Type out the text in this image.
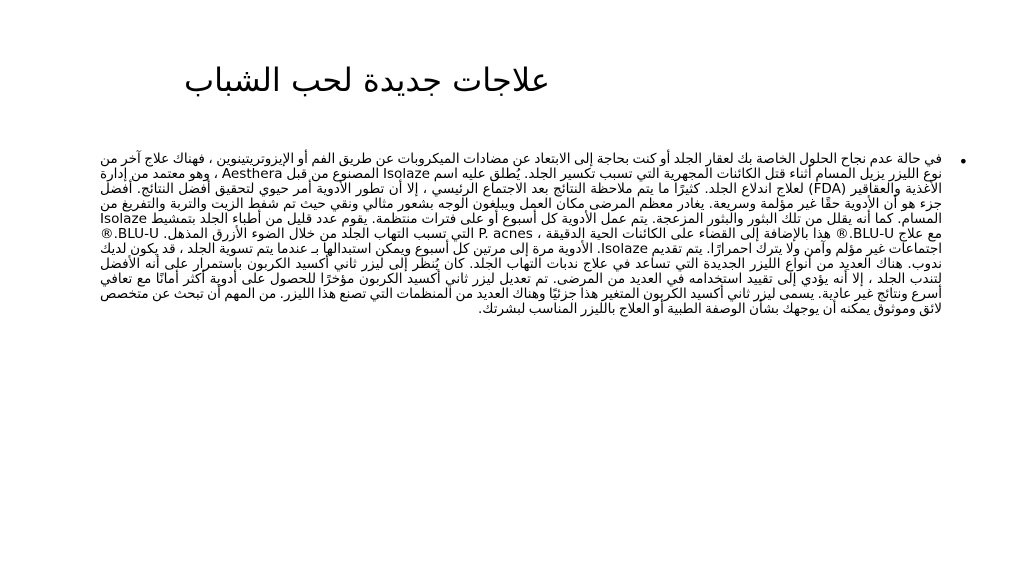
علاجات جديدة لحب الشباب
•

في حالة عدم نجاح الحلول الخاصة بك لعقار الجلد أو كنت بحاجة إلى الابتعاد عن مضادات الميكروبات عن طريق الفم أو الإيزوتريتينوين ، فهناك علاج آخر من نوع الليزر يزيل المسام أثناء قتل الكائنات المجهرية التي تسبب تكسير الجلد. يُطلق عليه اسم Isolaze المصنوع من قبل Aesthera ، وهو معتمد من إدارة الأغذية والعقاقير (FDA) لعلاج اندلاع الجلد. كثيرًا ما يتم ملاحظة النتائج بعد الاجتماع الرئيسي ، إلا أن تطور الأدوية أمر حيوي لتحقيق أفضل النتائج. أفضل جزء هو أن الأدوية حقًا غير مؤلمة وسريعة. يغادر معظم المرضى مكان العمل ويبلغون الوجه بشعور مثالي ونقي حيث تم شفط الزيت والتربة والتفريغ من المسام. كما أنه يقلل من تلك البثور والبثور المزعجة. يتم عمل الأدوية كل أسبوع أو على فترات منتظمة. يقوم عدد قليل من أطباء الجلد بتمشيط Isolaze مع علاج BLU-U.® هذا بالإضافة إلى القضاء على الكائنات الحية الدقيقة ، P. acnes التي تسبب التهاب الجلد من خلال الضوء الأزرق المذهل. BLU-U.® اجتماعات غير مؤلم وآمن ولا يترك احمرارًا. يتم تقديم Isolaze. الأدوية مرة إلى مرتين كل أسبوع ويمكن استبدالها بـ عندما يتم تسوية الجلد ، قد يكون لديك ندوب. هناك العديد من أنواع الليزر الجديدة التي تساعد في علاج ندبات التهاب الجلد. كان يُنظر إلى ليزر ثاني أكسيد الكربون باستمرار على أنه الأفضل لتندب الجلد ، إلا أنه يؤدي إلى تقييد استخدامه في العديد من المرضى. تم تعديل ليزر ثاني أكسيد الكربون مؤخرًا للحصول على أدوية أكثر أمانًا مع تعافي أسرع ونتائج غير عادية. يسمى ليزر ثاني أكسيد الكربون المتغير هذا جزئيًا وهناك العديد من المنظمات التي تصنع هذا الليزر. من المهم أن تبحث عن متخصص لائق وموثوق يمكنه أن يوجهك بشأن الوصفة الطبية أو العلاج بالليزر المناسب لبشرتك.
